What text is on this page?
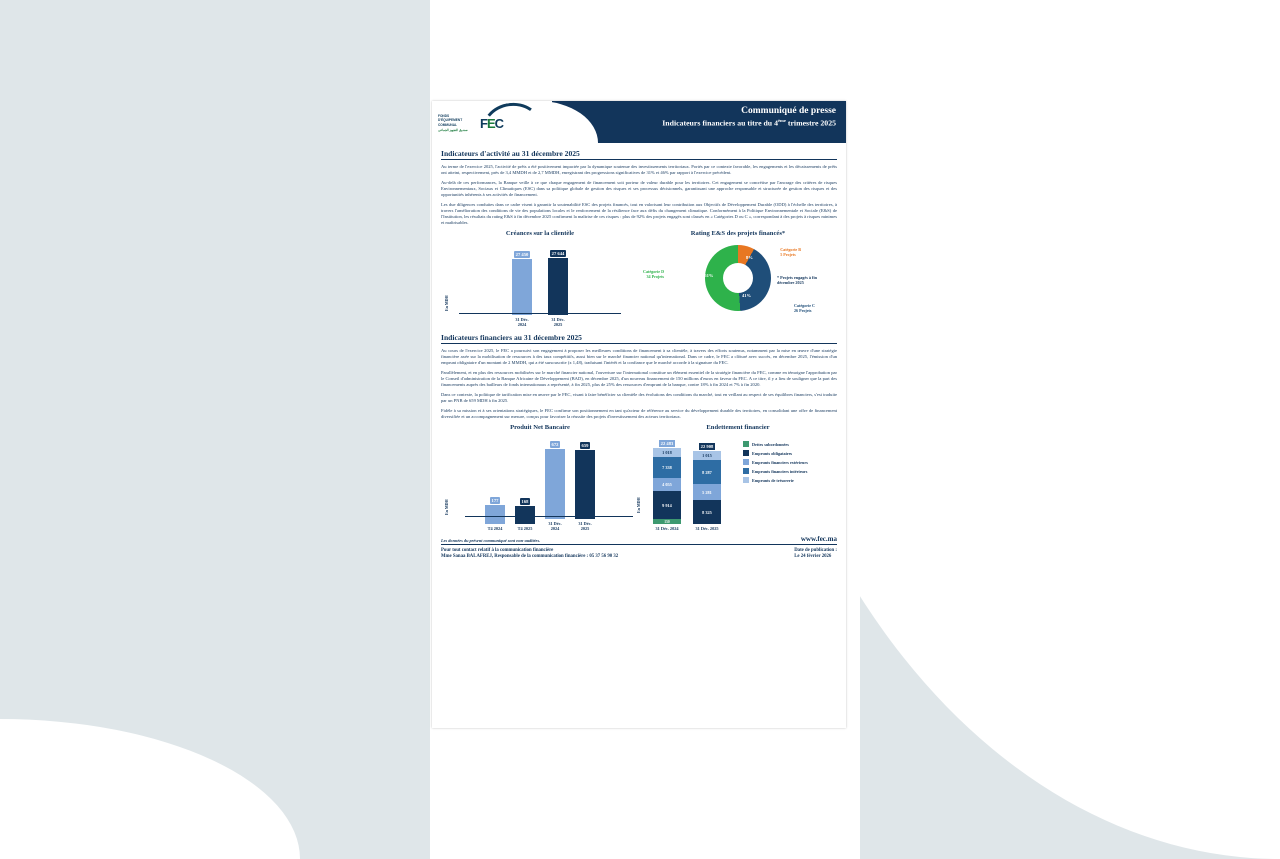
FONDS
D'ÉQUIPEMENT
COMMUNAL
صندوق التجهيز الجماعي FEC
Communiqué de presse
Indicateurs financiers au titre du 4ème trimestre 2025
Indicateurs d'activité au 31 décembre 2025

Au terme de l'exercice 2025, l'activité de prêts a été positivement impactée par la dynamique soutenue des investissements territoriaux. Portés par ce contexte favorable, les engagements et les décaissements de prêts ont atteint, respectivement, près de 3,4 MMDH et de 2,7 MMDH, enregistrant des progressions significatives de 31% et 46% par rapport à l'exercice précédent.

Au-delà de ces performances, la Banque veille à ce que chaque engagement de financement soit porteur de valeur durable pour les territoires. Cet engagement se concrétise par l'ancrage des critères de risques Environnementaux, Sociaux et Climatiques (ESC) dans sa politique globale de gestion des risques et ses processus décisionnels, garantissant une approche responsable et structurée de gestion des risques et des opportunités inhérents à ses activités de financement.

Les due diligences conduites dans ce cadre visent à garantir la soutenabilité ESC des projets financés, tout en valorisant leur contribution aux Objectifs de Développement Durable (ODD) à l'échelle des territoires, à travers l'amélioration des conditions de vie des populations locales et le renforcement de la résilience face aux défis du changement climatique. Conformément à la Politique Environnementale et Sociale (E&S) de l'Institution, les résultats du rating E&S à fin décembre 2025 confirment la maîtrise de ces risques : plus de 92% des projets engagés sont classés en « Catégories D ou C », correspondant à des projets à risques minimes et maîtrisables.

Créances sur la clientèle
En MDH
27 450
31 Déc. 2024
27 644
31 Déc. 2025
Rating E&S des projets financés*
8%
41%
51%
Catégorie B
5 Projets
Catégorie C
26 Projets
Catégorie D
34 Projets	* Projets engagés à fin décembre 2025
Indicateurs financiers au 31 décembre 2025

Au cours de l'exercice 2025, le FEC a poursuivi son engagement à proposer les meilleures conditions de financement à sa clientèle, à travers des efforts soutenus, notamment par la mise en œuvre d'une stratégie financière axée sur la mobilisation de ressources à des taux compétitifs, aussi bien sur le marché financier national qu'international. Dans ce cadre, le FEC a clôturé avec succès, en décembre 2025, l'émission d'un emprunt obligataire d'un montant de 2 MMDH, qui a été sursouscrite (x 1,48), traduisant l'intérêt et la confiance que le marché accorde à la signature du FEC.

Parallèlement, et en plus des ressources mobilisées sur le marché financier national, l'ouverture sur l'international constitue un élément essentiel de la stratégie financière du FEC, comme en témoigne l'approbation par le Conseil d'administration de la Banque Africaine de Développement (BAD), en décembre 2025, d'un nouveau financement de 150 millions d'euros en faveur du FEC. A ce titre, il y a lieu de souligner que la part des financements auprès des bailleurs de fonds internationaux a représenté, à fin 2025, plus de 25% des ressources d'emprunt de la banque, contre 18% à fin 2024 et 7% à fin 2020.

Dans ce contexte, la politique de tarification mise en œuvre par le FEC, visant à faire bénéficier sa clientèle des évolutions des conditions du marché, tout en veillant au respect de ses équilibres financiers, s'est traduite par un PNB de 659 MDH à fin 2025.

Fidèle à sa mission et à ses orientations stratégiques, le FEC confirme son positionnement en tant qu'acteur de référence au service du développement durable des territoires, en consolidant une offre de financement diversifiée et un accompagnement sur mesure, conçus pour favoriser la réussite des projets d'investissement des acteurs territoriaux.

Produit Net Bancaire
En MDH	177
T4 2024
168
T4 2025
672
31 Déc. 2024
659
31 Déc. 2025
Endettement financier
En MDH
22 483
1 018
7 338
4 055
9 914
150
31 Déc. 2024
22 908
1 015
8 287
5 281
8 325
31 Déc. 2025
Dettes subordonnées
Emprunts obligataires
Emprunts financiers extérieurs
Emprunts financiers intérieurs
Emprunts de trésorerie
Les données du présent communiqué sont non-auditées.	www.fec.ma
Pour tout contact relatif à la communication financière
Mme Sanaa BALAFREJ, Responsable de la communication financière : 05 37 56 90 32
Date de publication :
Le 24 février 2026
